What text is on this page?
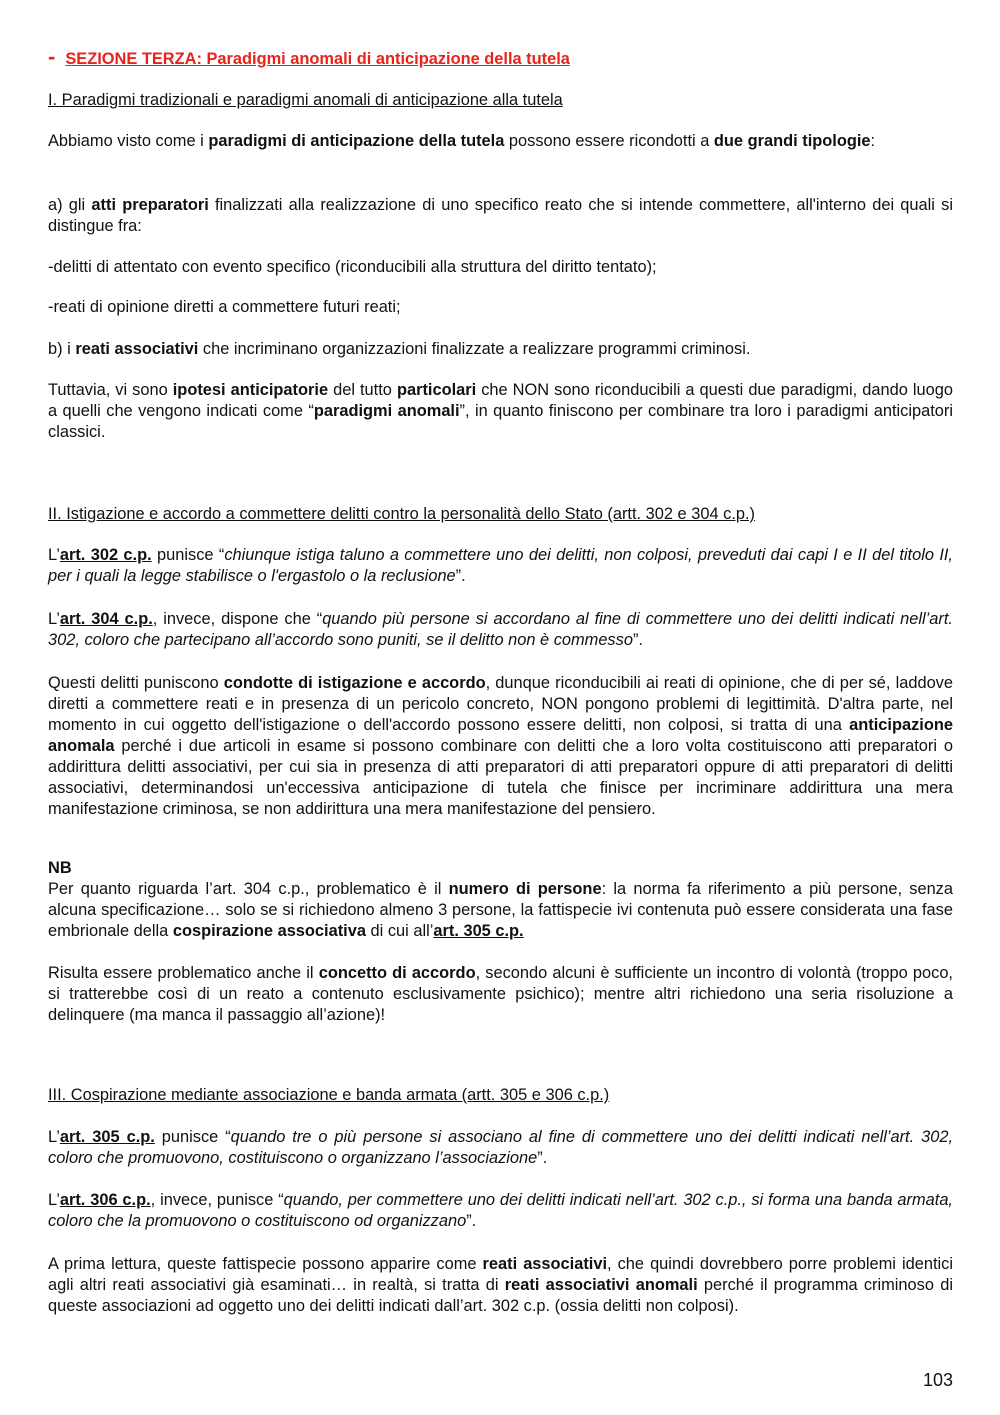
- SEZIONE TERZA: Paradigmi anomali di anticipazione della tutela

I. Paradigmi tradizionali e paradigmi anomali di anticipazione alla tutela

Abbiamo visto come i paradigmi di anticipazione della tutela possono essere ricondotti a due grandi tipologie:

a) gli atti preparatori finalizzati alla realizzazione di uno specifico reato che si intende commettere, all'interno dei quali si distingue fra:

-delitti di attentato con evento specifico (riconducibili alla struttura del diritto tentato);

-reati di opinione diretti a commettere futuri reati;

b) i reati associativi che incriminano organizzazioni finalizzate a realizzare programmi criminosi.

Tuttavia, vi sono ipotesi anticipatorie del tutto particolari che NON sono riconducibili a questi due paradigmi, dando luogo a quelli che vengono indicati come “paradigmi anomali”, in quanto finiscono per combinare tra loro i paradigmi anticipatori classici.

II. Istigazione e accordo a commettere delitti contro la personalità dello Stato (artt. 302 e 304 c.p.)

L’art. 302 c.p. punisce “chiunque istiga taluno a commettere uno dei delitti, non colposi, preveduti dai capi I e II del titolo II, per i quali la legge stabilisce o l'ergastolo o la reclusione”.

L’art. 304 c.p., invece, dispone che “quando più persone si accordano al fine di commettere uno dei delitti indicati nell’art. 302, coloro che partecipano all’accordo sono puniti, se il delitto non è commesso”.

Questi delitti puniscono condotte di istigazione e accordo, dunque riconducibili ai reati di opinione, che di per sé, laddove diretti a commettere reati e in presenza di un pericolo concreto, NON pongono problemi di legittimità. D'altra parte, nel momento in cui oggetto dell'istigazione o dell'accordo possono essere delitti, non colposi, si tratta di una anticipazione anomala perché i due articoli in esame si possono combinare con delitti che a loro volta costituiscono atti preparatori o addirittura delitti associativi, per cui sia in presenza di atti preparatori di atti preparatori oppure di atti preparatori di delitti associativi, determinandosi un'eccessiva anticipazione di tutela che finisce per incriminare addirittura una mera manifestazione criminosa, se non addirittura una mera manifestazione del pensiero.

NB
Per quanto riguarda l’art. 304 c.p., problematico è il numero di persone: la norma fa riferimento a più persone, senza alcuna specificazione… solo se si richiedono almeno 3 persone, la fattispecie ivi contenuta può essere considerata una fase embrionale della cospirazione associativa di cui all’art. 305 c.p.

Risulta essere problematico anche il concetto di accordo, secondo alcuni è sufficiente un incontro di volontà (troppo poco, si tratterebbe così di un reato a contenuto esclusivamente psichico); mentre altri richiedono una seria risoluzione a delinquere (ma manca il passaggio all’azione)!

III. Cospirazione mediante associazione e banda armata (artt. 305 e 306 c.p.)

L’art. 305 c.p. punisce “quando tre o più persone si associano al fine di commettere uno dei delitti indicati nell’art. 302, coloro che promuovono, costituiscono o organizzano l’associazione”.

L’art. 306 c.p., invece, punisce “quando, per commettere uno dei delitti indicati nell’art. 302 c.p., si forma una banda armata, coloro che la promuovono o costituiscono od organizzano”.

A prima lettura, queste fattispecie possono apparire come reati associativi, che quindi dovrebbero porre problemi identici agli altri reati associativi già esaminati… in realtà, si tratta di reati associativi anomali perché il programma criminoso di queste associazioni ad oggetto uno dei delitti indicati dall’art. 302 c.p. (ossia delitti non colposi).

103
